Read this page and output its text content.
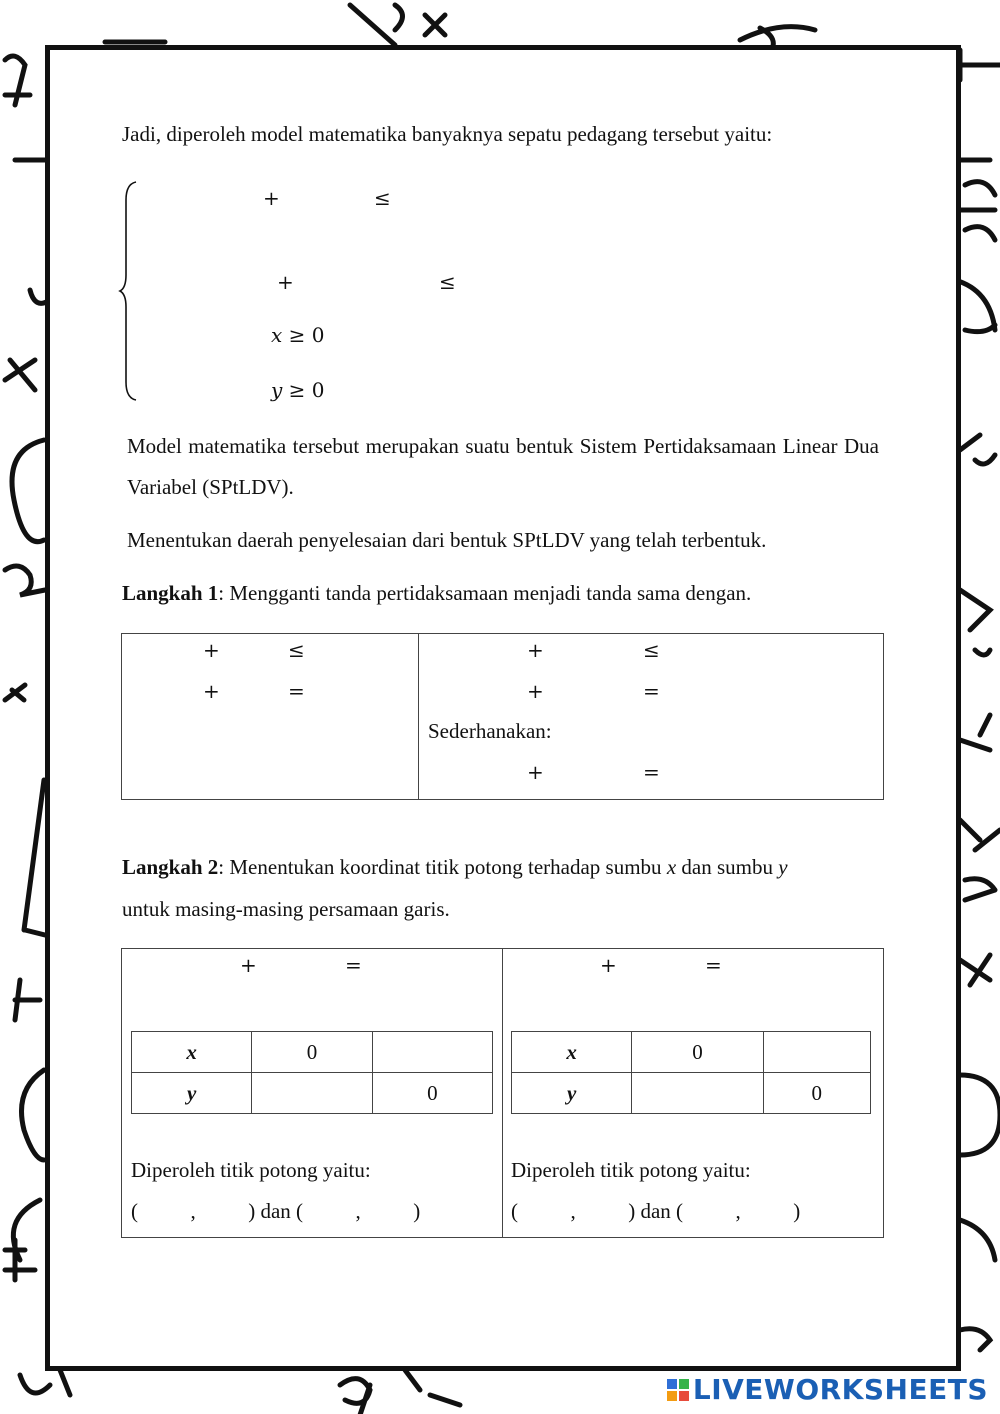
Jadi, diperoleh model matematika banyaknya sepatu pedagang tersebut yaitu:
+	≤
+	≤
x ≥ 0
y ≥ 0
Model matematika tersebut merupakan suatu bentuk Sistem Pertidaksamaan Linear Dua Variabel (SPtLDV).
Menentukan daerah penyelesaian dari bentuk SPtLDV yang telah terbentuk.
Langkah 1: Mengganti tanda pertidaksamaan menjadi tanda sama dengan.
+	≤
+	=
+	≤
+	=
Sederhanakan:
+	=
Langkah 2: Menentukan koordinat titik potong terhadap sumbu x dan sumbu y
untuk masing-masing persamaan garis.
+	=	+	=
x	0	
y		0
x	0	
y		0
Diperoleh titik potong yaitu:
(          ,          ) dan (          ,          )
Diperoleh titik potong yaitu:
(          ,          ) dan (          ,          )
LIVEWORKSHEETS
